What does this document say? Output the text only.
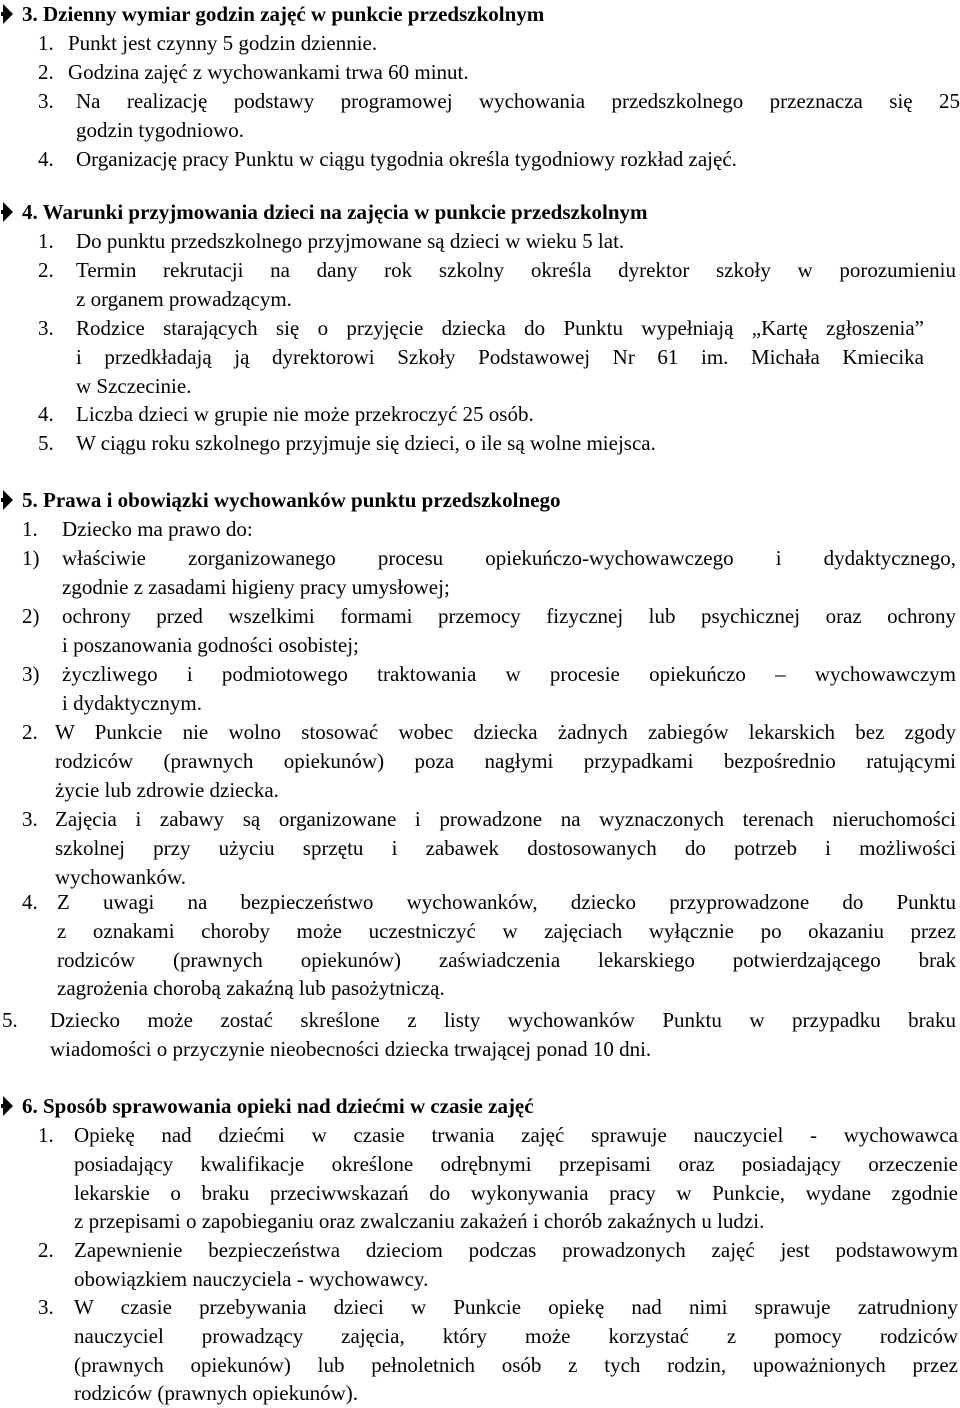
3. Dzienny wymiar godzin zajęć w punkcie przedszkolnym
1. Punkt jest czynny 5 godzin dziennie.
2. Godzina zajęć z wychowankami trwa 60 minut.
3. Na realizację podstawy programowej wychowania przedszkolnego przeznacza się 25
godzin tygodniowo.
4. Organizację pracy Punktu w ciągu tygodnia określa tygodniowy rozkład zajęć.
4. Warunki przyjmowania dzieci na zajęcia w punkcie przedszkolnym
1. Do punktu przedszkolnego przyjmowane są dzieci w wieku 5 lat.
2. Termin rekrutacji na dany rok szkolny określa dyrektor szkoły w porozumieniu
z organem prowadzącym.
3. Rodzice starających się o przyjęcie dziecka do Punktu wypełniają „Kartę zgłoszenia”
i przedkładają ją dyrektorowi Szkoły Podstawowej Nr 61 im. Michała Kmiecika
w Szczecinie.
4. Liczba dzieci w grupie nie może przekroczyć 25 osób.
5. W ciągu roku szkolnego przyjmuje się dzieci, o ile są wolne miejsca.
5. Prawa i obowiązki wychowanków punktu przedszkolnego
1. Dziecko ma prawo do:
1) właściwie zorganizowanego procesu opiekuńczo-wychowawczego i dydaktycznego,
zgodnie z zasadami higieny pracy umysłowej;
2) ochrony przed wszelkimi formami przemocy fizycznej lub psychicznej oraz ochrony
i poszanowania godności osobistej;
3) życzliwego i podmiotowego traktowania w procesie opiekuńczo – wychowawczym
i dydaktycznym.
2. W Punkcie nie wolno stosować wobec dziecka żadnych zabiegów lekarskich bez zgody
rodziców (prawnych opiekunów) poza nagłymi przypadkami bezpośrednio ratującymi
życie lub zdrowie dziecka.
3. Zajęcia i zabawy są organizowane i prowadzone na wyznaczonych terenach nieruchomości
szkolnej przy użyciu sprzętu i zabawek dostosowanych do potrzeb i możliwości
wychowanków.
4. Z uwagi na bezpieczeństwo wychowanków, dziecko przyprowadzone do Punktu
z oznakami choroby może uczestniczyć w zajęciach wyłącznie po okazaniu przez
rodziców (prawnych opiekunów) zaświadczenia lekarskiego potwierdzającego brak
zagrożenia chorobą zakaźną lub pasożytniczą.
5. Dziecko może zostać skreślone z listy wychowanków Punktu w przypadku braku
wiadomości o przyczynie nieobecności dziecka trwającej ponad 10 dni.
6. Sposób sprawowania opieki nad dziećmi w czasie zajęć
1. Opiekę nad dziećmi w czasie trwania zajęć sprawuje nauczyciel - wychowawca
posiadający kwalifikacje określone odrębnymi przepisami oraz posiadający orzeczenie
lekarskie o braku przeciwwskazań do wykonywania pracy w Punkcie, wydane zgodnie
z przepisami o zapobieganiu oraz zwalczaniu zakażeń i chorób zakaźnych u ludzi.
2. Zapewnienie bezpieczeństwa dzieciom podczas prowadzonych zajęć jest podstawowym
obowiązkiem nauczyciela - wychowawcy.
3. W czasie przebywania dzieci w Punkcie opiekę nad nimi sprawuje zatrudniony
nauczyciel prowadzący zajęcia, który może korzystać z pomocy rodziców
(prawnych opiekunów) lub pełnoletnich osób z tych rodzin, upoważnionych przez
rodziców (prawnych opiekunów).
